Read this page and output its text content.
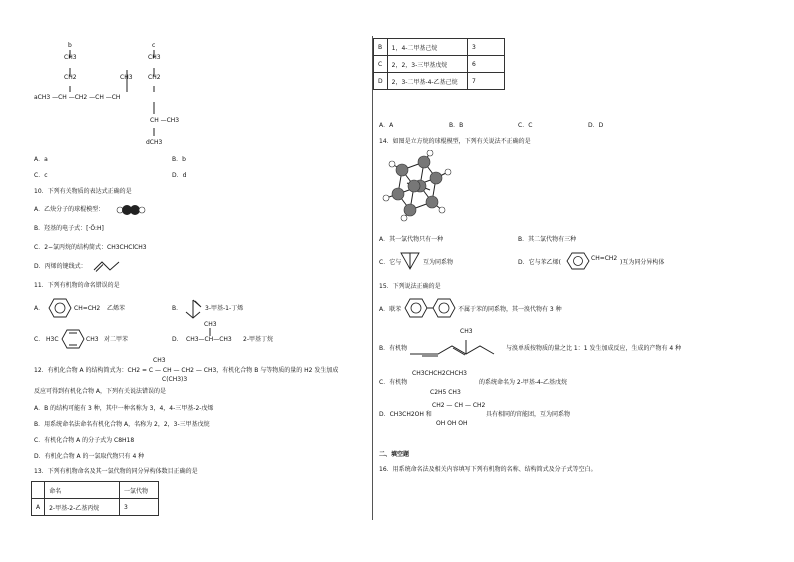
b
CH3
CH2	CH3
aCH3 —CH —CH2 —CH —CH
c
CH3
CH2
CH —CH3
dCH3
A．a	B．b
C．c	D．d
10．下列有关物质的表达式正确的是
A．乙炔分子的球棍模型：
B．羟基的电子式：[·Ö:H]
C．2−氯丙烷的结构简式：CH3CHClCH3
D．丙烯的键线式：
11．下列有机物的命名错误的是
A．	CH=CH2 乙烯苯	B．	3-甲基-1-丁烯
C． H3C	CH3 对二甲苯	D．
CH3
CH3—CH—CH3 2-甲基丁烷
CH3
12．有机化合物 A 的结构简式为：CH2 = C — CH — CH2 — CH3，有机化合物 B 与等物质的量的 H2 发生加成
C(CH3)3
反应可得到有机化合物 A，下列有关说法错误的是
A．B 的结构可能有 3 种，其中一种名称为 3，4，4-三甲基-2-戊烯
B．用系统命名法命名有机化合物 A，名称为 2，2，3-三甲基戊烷
C．有机化合物 A 的分子式为 C8H18
D．有机化合物 A 的一氯取代物只有 4 种
13．下列有机物命名及其一氯代物的同分异构体数目正确的是
	命名	一氯代物
A	2-甲基-2-乙基丙烷	3
B	1，4-二甲基己烷	3
C	2，2，3-三甲基戊烷	6
D	2，3-二甲基-4-乙基己烷	7
A．A	B．B	C．C	D．D
14．如图是立方烷的球棍模型，下列有关说法不正确的是
A．其一氯代物只有一种	B．其二氯代物有三种
C．它与	互为同系物	D．它与苯乙烯(
CH=CH2
)互为同分异构体
15．下列说法正确的是
A．联苯	不属于苯的同系物，其一溴代物有 3 种
CH3
B．有机物	与溴单质按物质的量之比 1：1 发生加成反应，生成的产物有 4 种
CH3CHCH2CHCH3
C．有机物
C2H5 CH3
的系统命名为 2-甲基-4-乙基戊烷
CH2 — CH — CH2
D．CH3CH2OH 和
OH OH OH
具有相同的官能团，互为同系物
二、填空题
16．用系统命名法及相关内容填写下列有机物的名称、结构简式及分子式等空白。
